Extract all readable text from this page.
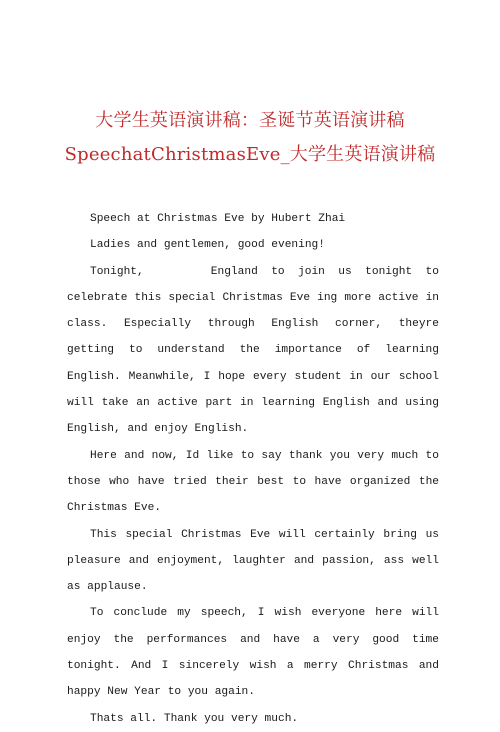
大学生英语演讲稿：圣诞节英语演讲稿
SpeechatChristmasEve_大学生英语演讲稿

Speech at Christmas Eve by Hubert Zhai

Ladies and gentlemen, good evening!

Tonight,     England to join us tonight to celebrate this special Christmas Eve ing more active in class. Especially through English corner, theyre getting to understand the importance of learning English. Meanwhile, I hope every student in our school will take an active part in learning English and using English, and enjoy English.

Here and now, Id like to say thank you very much to those who have tried their best to have organized the Christmas Eve.

This special Christmas Eve will certainly bring us pleasure and enjoyment, laughter and passion, ass well as applause.

To conclude my speech, I wish everyone here will enjoy the performances and have a very good time tonight. And I sincerely wish a merry Christmas and happy New Year to you again.

Thats all. Thank you very much.
